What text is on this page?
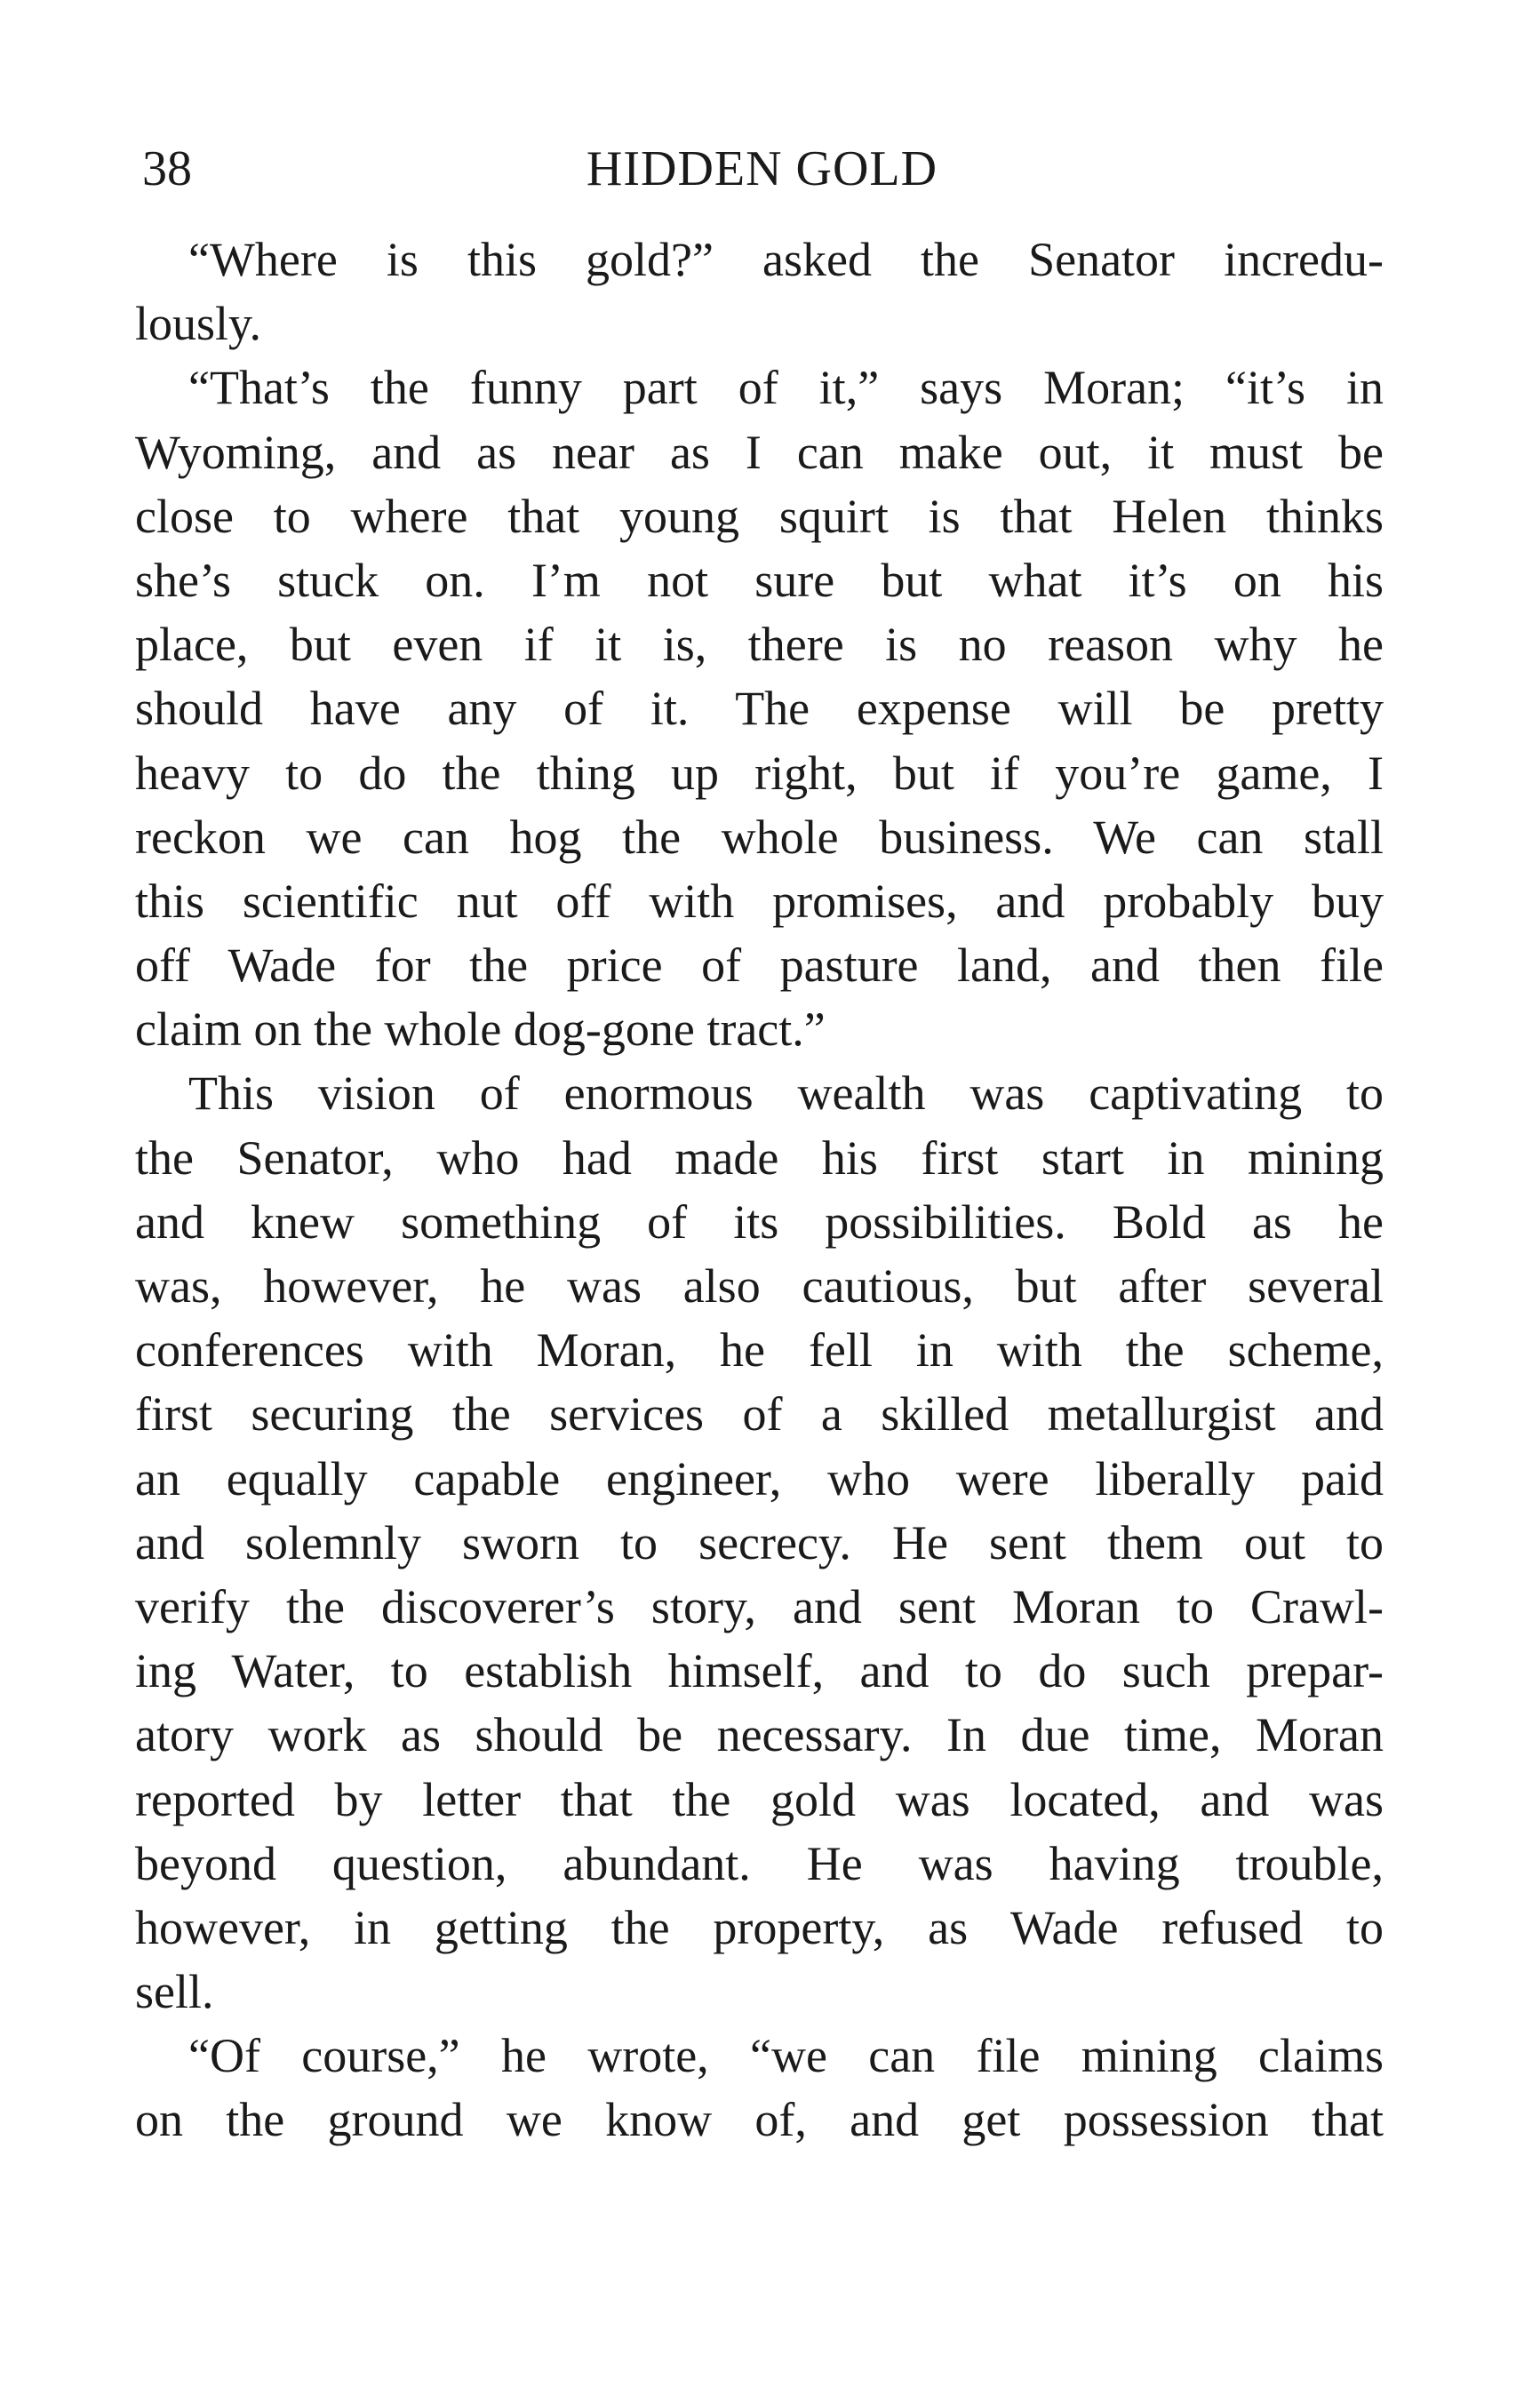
38	HIDDEN GOLD
“Where is this gold?” asked the Senator incredu-
lously.
“That’s the funny part of it,” says Moran; “it’s in
Wyoming, and as near as I can make out, it must be
close to where that young squirt is that Helen thinks
she’s stuck on. I’m not sure but what it’s on his
place, but even if it is, there is no reason why he
should have any of it. The expense will be pretty
heavy to do the thing up right, but if you’re game, I
reckon we can hog the whole business. We can stall
this scientific nut off with promises, and probably buy
off Wade for the price of pasture land, and then file
claim on the whole dog-gone tract.”
This vision of enormous wealth was captivating to
the Senator, who had made his first start in mining
and knew something of its possibilities. Bold as he
was, however, he was also cautious, but after several
conferences with Moran, he fell in with the scheme,
first securing the services of a skilled metallurgist and
an equally capable engineer, who were liberally paid
and solemnly sworn to secrecy. He sent them out to
verify the discoverer’s story, and sent Moran to Crawl-
ing Water, to establish himself, and to do such prepar-
atory work as should be necessary. In due time, Moran
reported by letter that the gold was located, and was
beyond question, abundant. He was having trouble,
however, in getting the property, as Wade refused to
sell.
“Of course,” he wrote, “we can file mining claims
on the ground we know of, and get possession that
